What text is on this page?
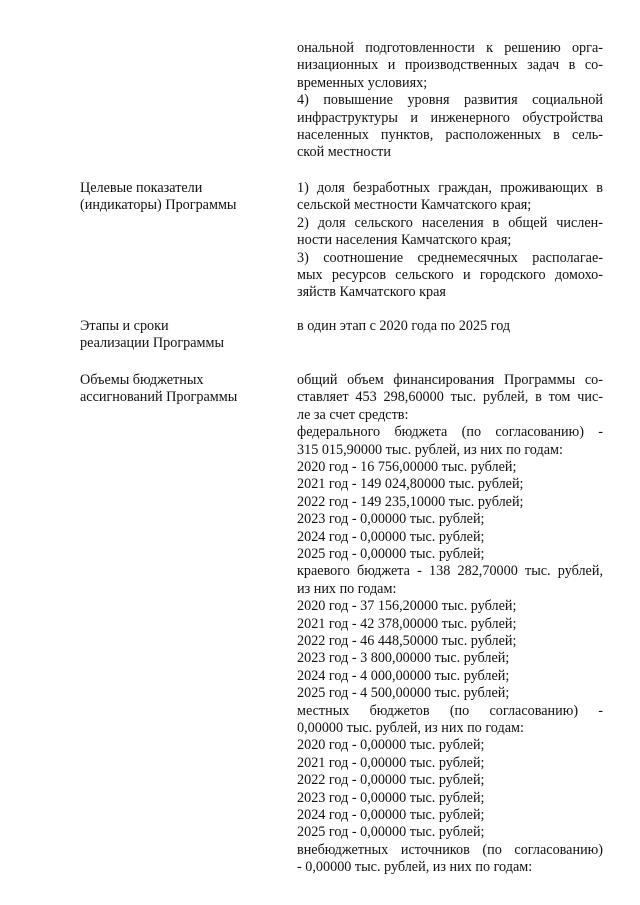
ональной подготовленности к решению орга-
низационных и производственных задач в со-
временных условиях;
4) повышение уровня развития социальной
инфраструктуры и инженерного обустройства
населенных пунктов, расположенных в сель-
ской местности
Целевые показатели
(индикаторы) Программы
1) доля безработных граждан, проживающих в
сельской местности Камчатского края;
2) доля сельского населения в общей числен-
ности населения Камчатского края;
3) соотношение среднемесячных располагае-
мых ресурсов сельского и городского домохо-
зяйств Камчатского края
Этапы и сроки
реализации Программы
в один этап с 2020 года по 2025 год
Объемы бюджетных
ассигнований Программы
общий объем финансирования Программы со-
ставляет 453 298,60000 тыс. рублей, в том чис-
ле за счет средств:
федерального бюджета (по согласованию) -
315 015,90000 тыс. рублей, из них по годам:
2020 год - 16 756,00000 тыс. рублей;
2021 год - 149 024,80000 тыс. рублей;
2022 год - 149 235,10000 тыс. рублей;
2023 год - 0,00000 тыс. рублей;
2024 год - 0,00000 тыс. рублей;
2025 год - 0,00000 тыс. рублей;
краевого бюджета - 138 282,70000 тыс. рублей,
из них по годам:
2020 год - 37 156,20000 тыс. рублей;
2021 год - 42 378,00000 тыс. рублей;
2022 год - 46 448,50000 тыс. рублей;
2023 год - 3 800,00000 тыс. рублей;
2024 год - 4 000,00000 тыс. рублей;
2025 год - 4 500,00000 тыс. рублей;
местных бюджетов (по согласованию) -
0,00000 тыс. рублей, из них по годам:
2020 год - 0,00000 тыс. рублей;
2021 год - 0,00000 тыс. рублей;
2022 год - 0,00000 тыс. рублей;
2023 год - 0,00000 тыс. рублей;
2024 год - 0,00000 тыс. рублей;
2025 год - 0,00000 тыс. рублей;
внебюджетных источников (по согласованию)
- 0,00000 тыс. рублей, из них по годам:
